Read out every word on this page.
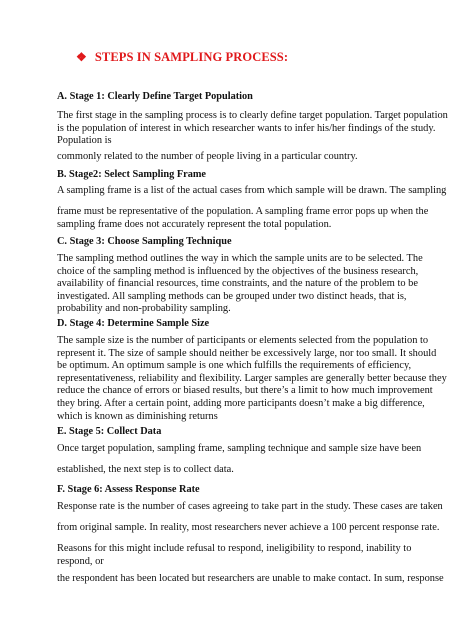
❖ STEPS IN SAMPLING PROCESS:
A. Stage 1: Clearly Define Target Population
The first stage in the sampling process is to clearly define target population. Target population
is the population of interest in which researcher wants to infer his/her findings of the study.
Population is
commonly related to the number of people living in a particular country.
B. Stage2: Select Sampling Frame
A sampling frame is a list of the actual cases from which sample will be drawn. The sampling
frame must be representative of the population. A sampling frame error pops up when the
sampling frame does not accurately represent the total population.
C. Stage 3: Choose Sampling Technique
The sampling method outlines the way in which the sample units are to be selected. The
choice of the sampling method is influenced by the objectives of the business research,
availability of financial resources, time constraints, and the nature of the problem to be
investigated. All sampling methods can be grouped under two distinct heads, that is,
probability and non-probability sampling.
D. Stage 4: Determine Sample Size
The sample size is the number of participants or elements selected from the population to
represent it. The size of sample should neither be excessively large, nor too small. It should
be optimum. An optimum sample is one which fulfills the requirements of efficiency,
representativeness, reliability and flexibility. Larger samples are generally better because they
reduce the chance of errors or biased results, but there’s a limit to how much improvement
they bring. After a certain point, adding more participants doesn’t make a big difference,
which is known as diminishing returns
E. Stage 5: Collect Data
Once target population, sampling frame, sampling technique and sample size have been
established, the next step is to collect data.
F. Stage 6: Assess Response Rate
Response rate is the number of cases agreeing to take part in the study. These cases are taken
from original sample. In reality, most researchers never achieve a 100 percent response rate.
Reasons for this might include refusal to respond, ineligibility to respond, inability to
respond, or
the respondent has been located but researchers are unable to make contact. In sum, response
